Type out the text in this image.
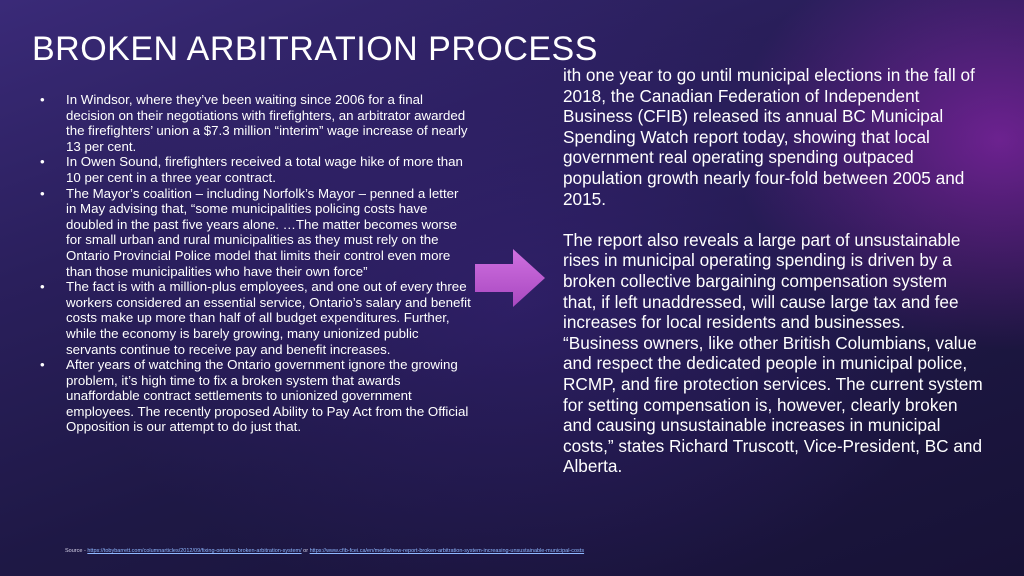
BROKEN ARBITRATION PROCESS
• In Windsor, where they’ve been waiting since 2006 for a final decision on their negotiations with firefighters, an arbitrator awarded the firefighters’ union a $7.3 million “interim” wage increase of nearly 13 per cent.
• In Owen Sound, firefighters received a total wage hike of more than 10 per cent in a three year contract.
• The Mayor’s coalition – including Norfolk’s Mayor – penned a letter in May advising that, “some municipalities policing costs have doubled in the past five years alone. …The matter becomes worse for small urban and rural municipalities as they must rely on the Ontario Provincial Police model that limits their control even more than those municipalities who have their own force”
• The fact is with a million-plus employees, and one out of every three workers considered an essential service, Ontario’s salary and benefit costs make up more than half of all budget expenditures. Further, while the economy is barely growing, many unionized public servants continue to receive pay and benefit increases.
• After years of watching the Ontario government ignore the growing problem, it’s high time to fix a broken system that awards unaffordable contract settlements to unionized government employees. The recently proposed Ability to Pay Act from the Official Opposition is our attempt to do just that.

ith one year to go until municipal elections in the fall of 2018, the Canadian Federation of Independent Business (CFIB) released its annual BC Municipal Spending Watch report today, showing that local government real operating spending outpaced population growth nearly four-fold between 2005 and 2015.

The report also reveals a large part of unsustainable rises in municipal operating spending is driven by a broken collective bargaining compensation system that, if left unaddressed, will cause large tax and fee increases for local residents and businesses. “Business owners, like other British Columbians, value and respect the dedicated people in municipal police, RCMP, and fire protection services. The current system for setting compensation is, however, clearly broken and causing unsustainable increases in municipal costs,” states Richard Truscott, Vice-President, BC and Alberta.

Source - https://tobybarrett.com/columnarticles/2012/09/fixing-ontarios-broken-arbitration-system/ or https://www.cfib-fcei.ca/en/media/new-report-broken-arbitration-system-increasing-unsustainable-municipal-costs
